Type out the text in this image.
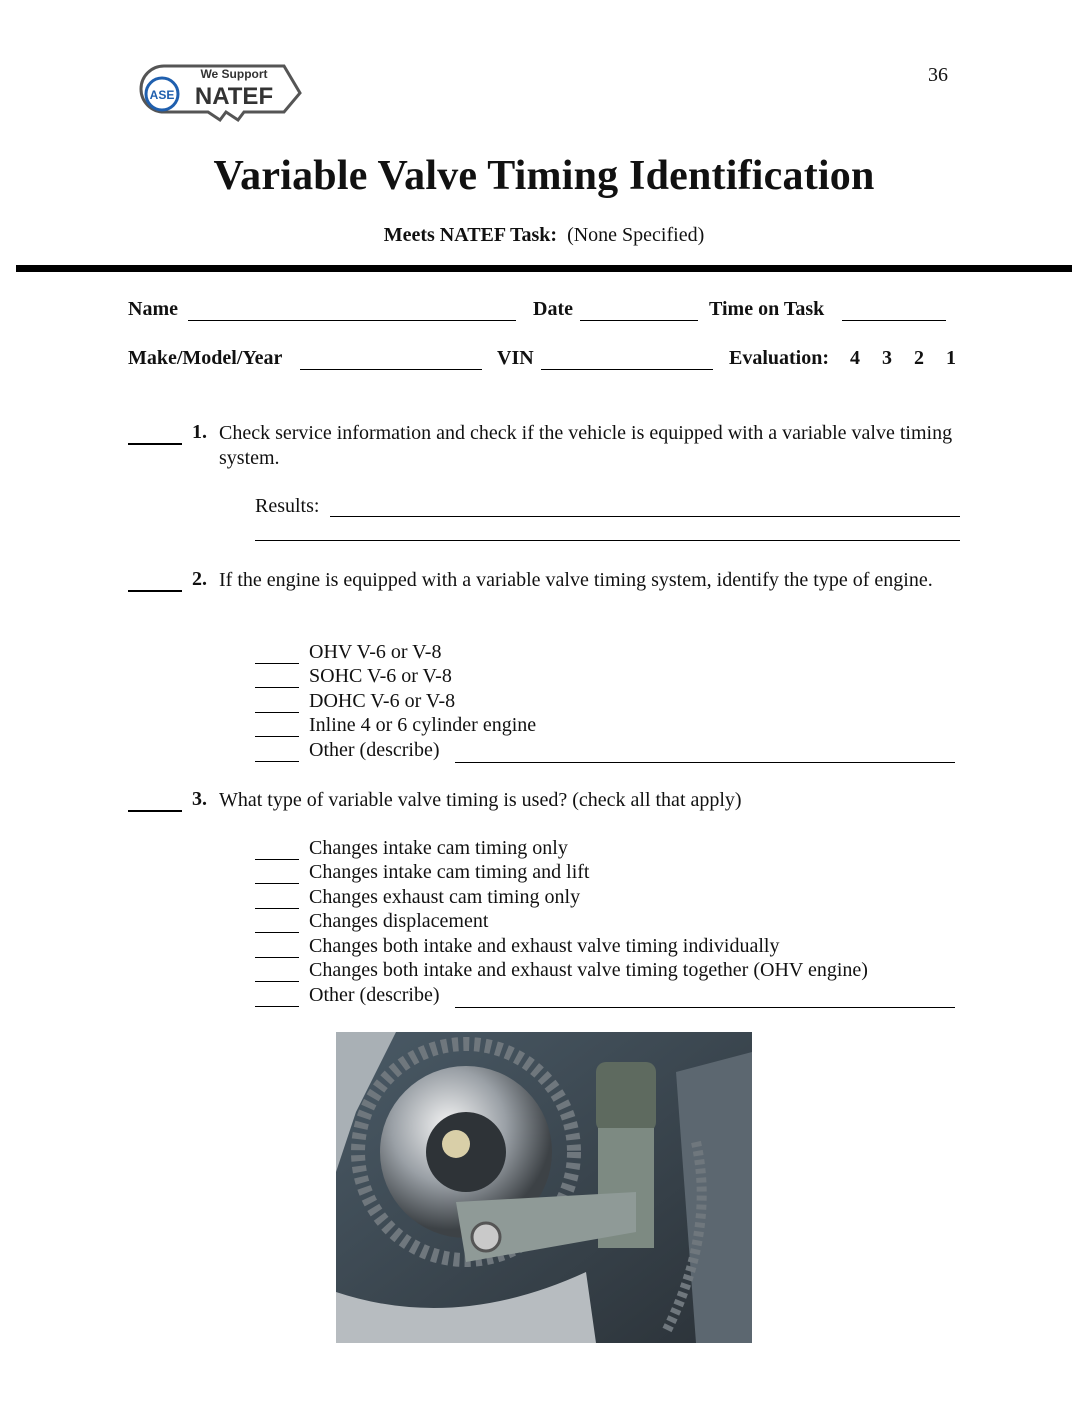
36
ASE
We Support
NATEF
Variable Valve Timing Identification
Meets NATEF Task: (None Specified)
Name	Date	Time on Task
Make/Model/Year	VIN	Evaluation: 4 3 2 1
1. Check service information and check if the vehicle is equipped with a variable valve timing system.
Results:
2. If the engine is equipped with a variable valve timing system, identify the type of engine.
OHV V-6 or V-8
SOHC V-6 or V-8
DOHC V-6 or V-8
Inline 4 or 6 cylinder engine
Other (describe)
3. What type of variable valve timing is used? (check all that apply)
Changes intake cam timing only
Changes intake cam timing and lift
Changes exhaust cam timing only
Changes displacement
Changes both intake and exhaust valve timing individually
Changes both intake and exhaust valve timing together (OHV engine)
Other (describe)
